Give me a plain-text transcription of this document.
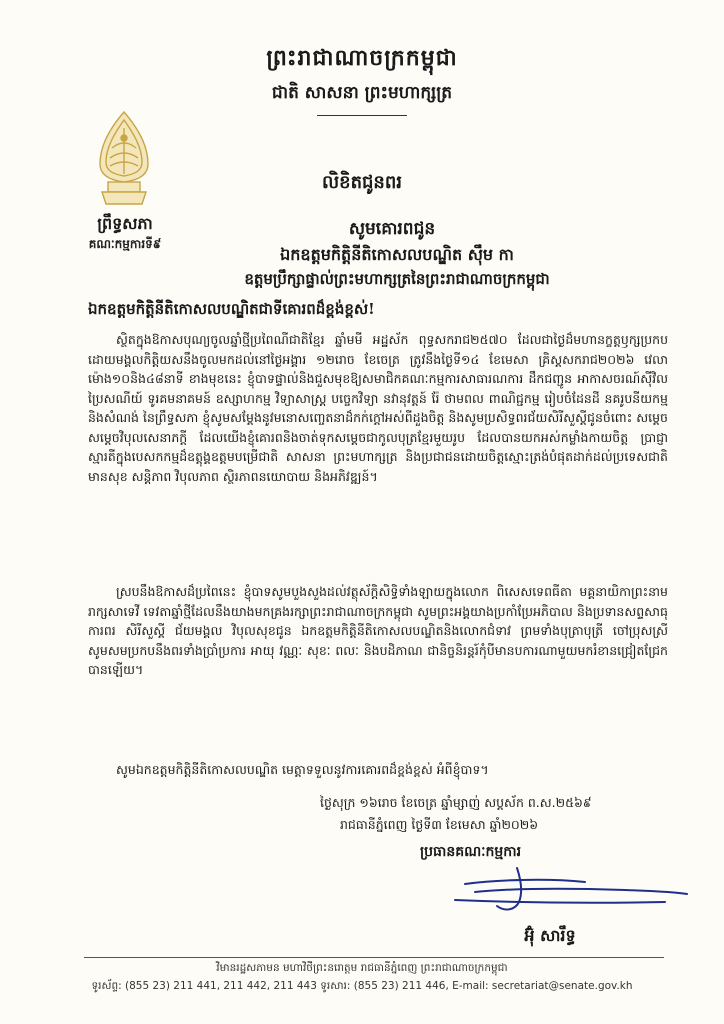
ព្រះរាជាណាចក្រកម្ពុជា
ជាតិ សាសនា ព្រះមហាក្សត្រ
ព្រឹទ្ធសភា
គណៈកម្មការទី៩
លិខិតជូនពរ
សូមគោរពជូន
ឯកឧត្តមកិត្តិនីតិកោសលបណ្ឌិត ស៊ឹម កា
ឧត្តមប្រឹក្សាផ្ទាល់ព្រះមហាក្សត្រនៃព្រះរាជាណាចក្រកម្ពុជា
ឯកឧត្តមកិត្តិនីតិកោសលបណ្ឌិតជាទីគោរពដ៏ខ្ពង់ខ្ពស់!
ស្ថិតក្នុងឱកាសបុណ្យចូលឆ្នាំថ្មីប្រពៃណីជាតិខ្មែរ ឆ្នាំមមី អដ្ឋស័ក ពុទ្ធសករាជ២៥៧០ ដែលជាថ្ងៃដ៏មហានក្ខត្តឫក្សប្រកបដោយមង្គលកិត្តិយសនឹងចូលមកដល់នៅថ្ងៃអង្គារ ១២រោច ខែចេត្រ ត្រូវនឹងថ្ងៃទី១៤ ខែមេសា គ្រិស្តសករាជ២០២៦ វេលាម៉ោង១០និង៤៨នាទី ខាងមុខនេះ ខ្ញុំបាទផ្ទាល់និងជួសមុខឱ្យសមាជិកគណៈកម្មការសាធារណការ ដឹកជញ្ជូន អាកាសចរណ៍ស៊ីវិល ប្រៃសណីយ៍ ទូរគមនាគមន៍ ឧស្សាហកម្ម វិទ្យាសាស្ត្រ បច្ចេកវិទ្យា នវានុវត្តន៍ រ៉ែ ថាមពល ពាណិជ្ជកម្ម រៀបចំដែនដី នគរូបនីយកម្ម និងសំណង់ នៃព្រឹទ្ធសភា ខ្ញុំសូមសម្ដែងនូវមនោសញ្ចេតនាដ៏កក់ក្ដៅអស់ពីដួងចិត្ត និងសូមប្រសិទ្ធពរជ័យសិរីសួស្តីជូនចំពោះ សម្ដេចសម្ដេចវិបុលសេនាភក្ដី ដែលយើងខ្ញុំគោរពនិងចាត់ទុកសម្ដេចជាកូលបុត្រខ្មែរមួយរូប ដែលបានយកអស់កម្លាំងកាយចិត្ត ប្រាជ្ញាស្មារតីក្នុងបេសកកម្មដ៏ឧត្តុង្គឧត្តមបម្រើជាតិ សាសនា ព្រះមហាក្សត្រ និងប្រជាជនដោយចិត្តស្មោះត្រង់បំផុតដាក់ដល់ប្រទេសជាតិមានសុខ សន្តិភាព វិបុលភាព ស្ថិរភាពនយោបាយ និងអភិវឌ្ឍន៍។
ស្របនឹងឱកាសដ៏ប្រពៃនេះ ខ្ញុំបាទសូមបួងសួងដល់វត្ថុស័ក្តិសិទ្ធិទាំងឡាយក្នុងលោក ពិសេសទេពធីតា មគ្គនាយិកាព្រះនាមរាក្សសាទេវី ទេវតាឆ្នាំថ្មីដែលនឹងយាងមកគ្រងរក្សាព្រះរាជាណាចក្រកម្ពុជា សូមព្រះអង្គយាងប្រកាំប្រែអភិបាល និងប្រទានសព្ទសាធុការពរ សិរីសួស្តី ជ័យមង្គល វិបុលសុខជូន ឯកឧត្តមកិត្តិនីតិកោសលបណ្ឌិតនិងលោកជំទាវ ព្រមទាំងបុត្រាបុត្រី ចៅប្រុសស្រី សូមសមប្រកបនឹងពរទាំងប្រាំប្រការ អាយុ វណ្ណៈ សុខៈ ពលៈ និងបដិភាណ ជានិច្ចនិរន្តរ៍កុំបីមានបការណាមួយមករំខានជ្រៀតជ្រែកបានឡើយ។
សូមឯកឧត្តមកិត្តិនីតិកោសលបណ្ឌិត មេត្តាទទួលនូវការគោរពដ៏ខ្ពង់ខ្ពស់ អំពីខ្ញុំបាទ។
ថ្ងៃសុក្រ ១៦រោច ខែចេត្រ ឆ្នាំម្សាញ់ សប្តស័ក ព.ស.២៥៦៩
រាជធានីភ្នំពេញ ថ្ងៃទី៣ ខែមេសា ឆ្នាំ២០២៦
ប្រធានគណៈកម្មការ
អ៊ុំ សារឹទ្ធ
វិមានរដ្ឋសភាមន មហាវិថីព្រះនរោត្តម រាជធានីភ្នំពេញ ព្រះរាជាណាចក្រកម្ពុជា
ទូរស័ព្ទ: (855 23) 211 441, 211 442, 211 443 ទូរសារ: (855 23) 211 446, E-mail: secretariat@senate.gov.kh
